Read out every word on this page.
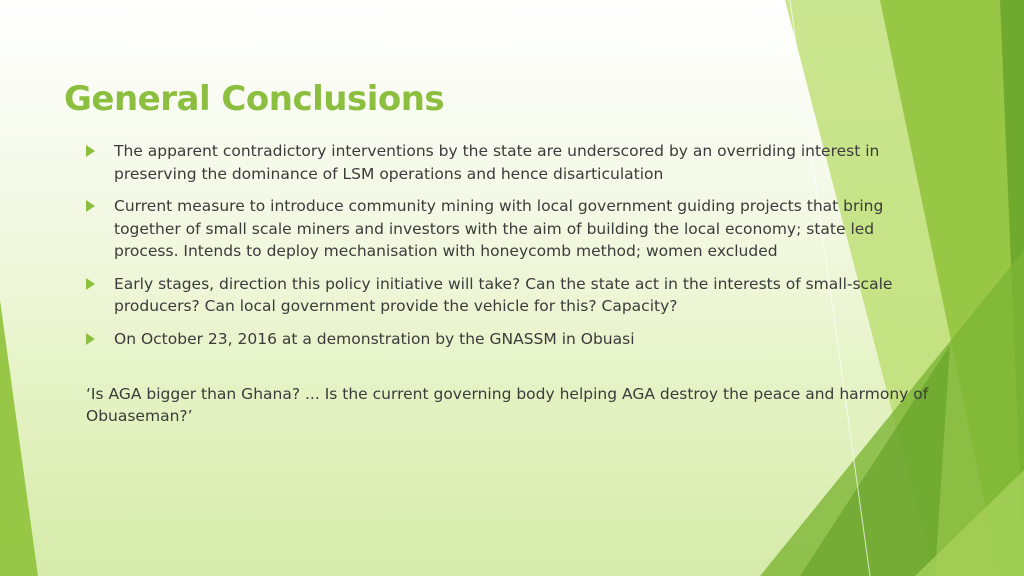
General Conclusions
The apparent contradictory interventions by the state are underscored by an overriding interest in preserving the dominance of LSM operations and hence disarticulation
Current measure to introduce community mining with local government guiding projects that bring together of small scale miners and investors with the aim of building the local economy; state led process. Intends to deploy mechanisation with honeycomb method; women excluded
Early stages, direction this policy initiative will take? Can the state act in the interests of small-scale producers? Can local government provide the vehicle for this? Capacity?
On October 23, 2016 at a demonstration by the GNASSM in Obuasi

‘Is AGA bigger than Ghana? ... Is the current governing body helping AGA destroy the peace and harmony of Obuaseman?’
